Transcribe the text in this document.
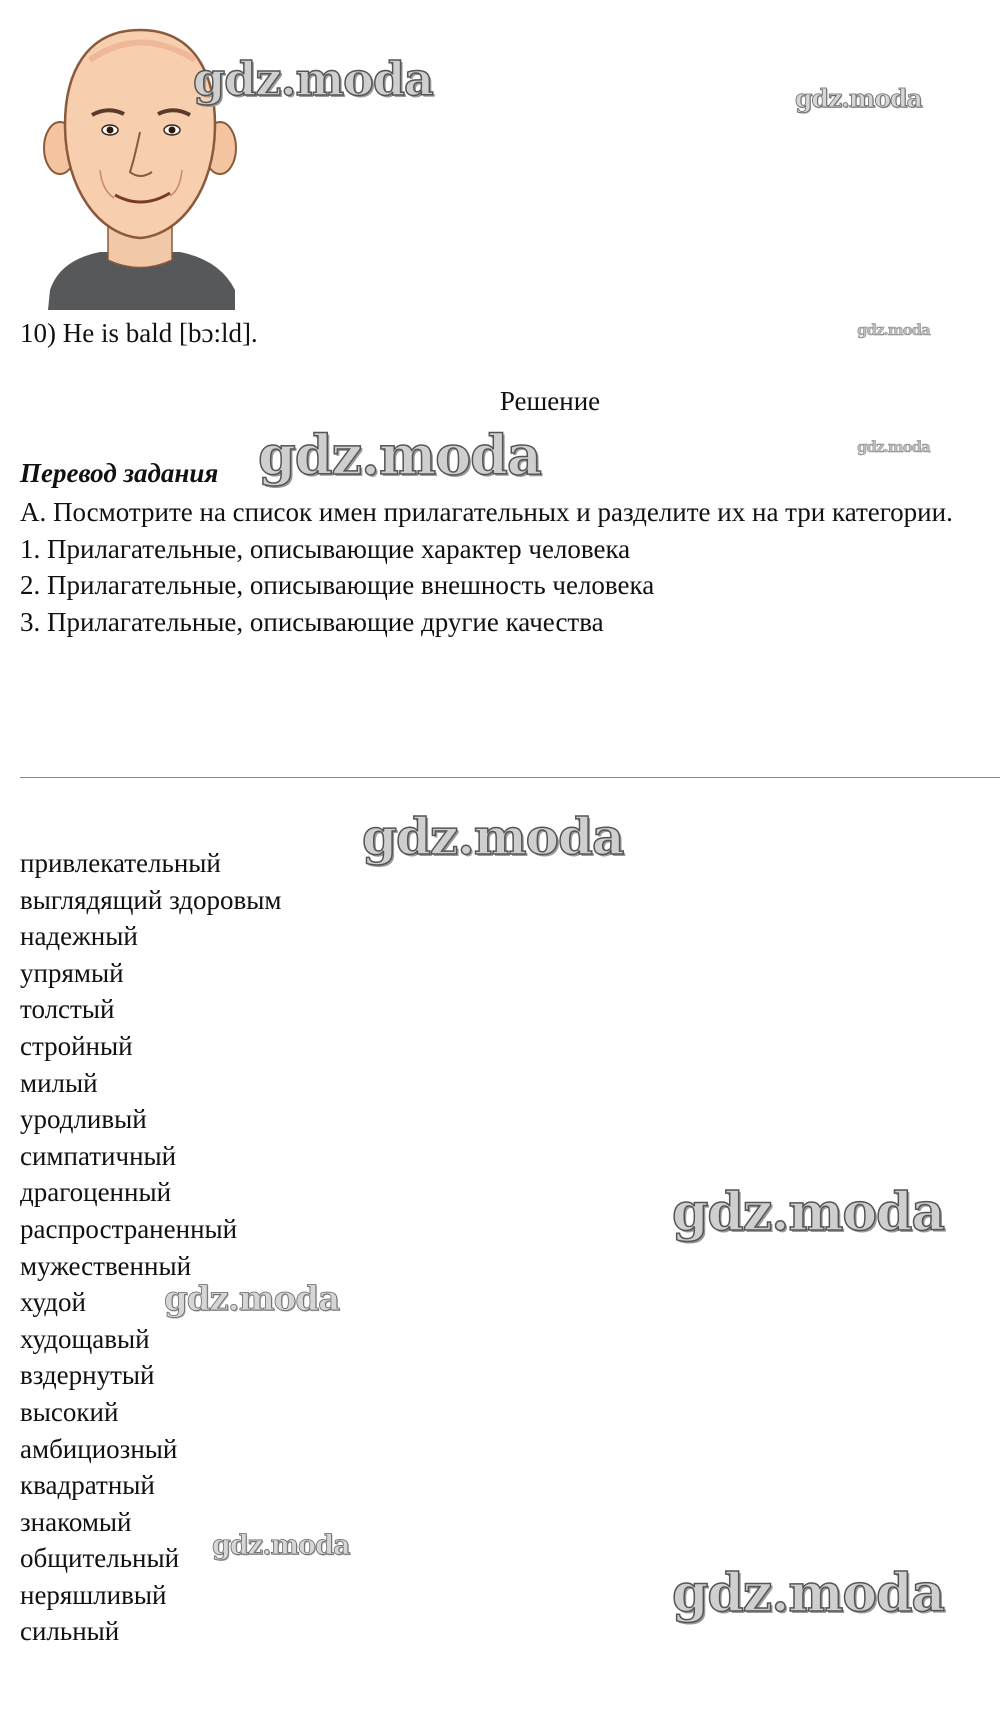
gdz.moda	gdz.moda
gdz.moda
gdz.moda
gdz.moda
gdz.moda
gdz.moda
gdz.moda
gdz.moda
gdz.moda
10) He is bald [bɔ:ld].
Решение
Перевод задания

A. Посмотрите на список имен прилагательных и разделите их на три категории.

1. Прилагательные, описывающие характер человека

2. Прилагательные, описывающие внешность человека

3. Прилагательные, описывающие другие качества

привлекательный
выглядящий здоровым
надежный
упрямый
толстый
стройный
милый
уродливый
симпатичный
драгоценный
распространенный
мужественный
худой
худощавый
вздернутый
высокий
амбициозный
квадратный
знакомый
общительный
неряшливый
сильный
